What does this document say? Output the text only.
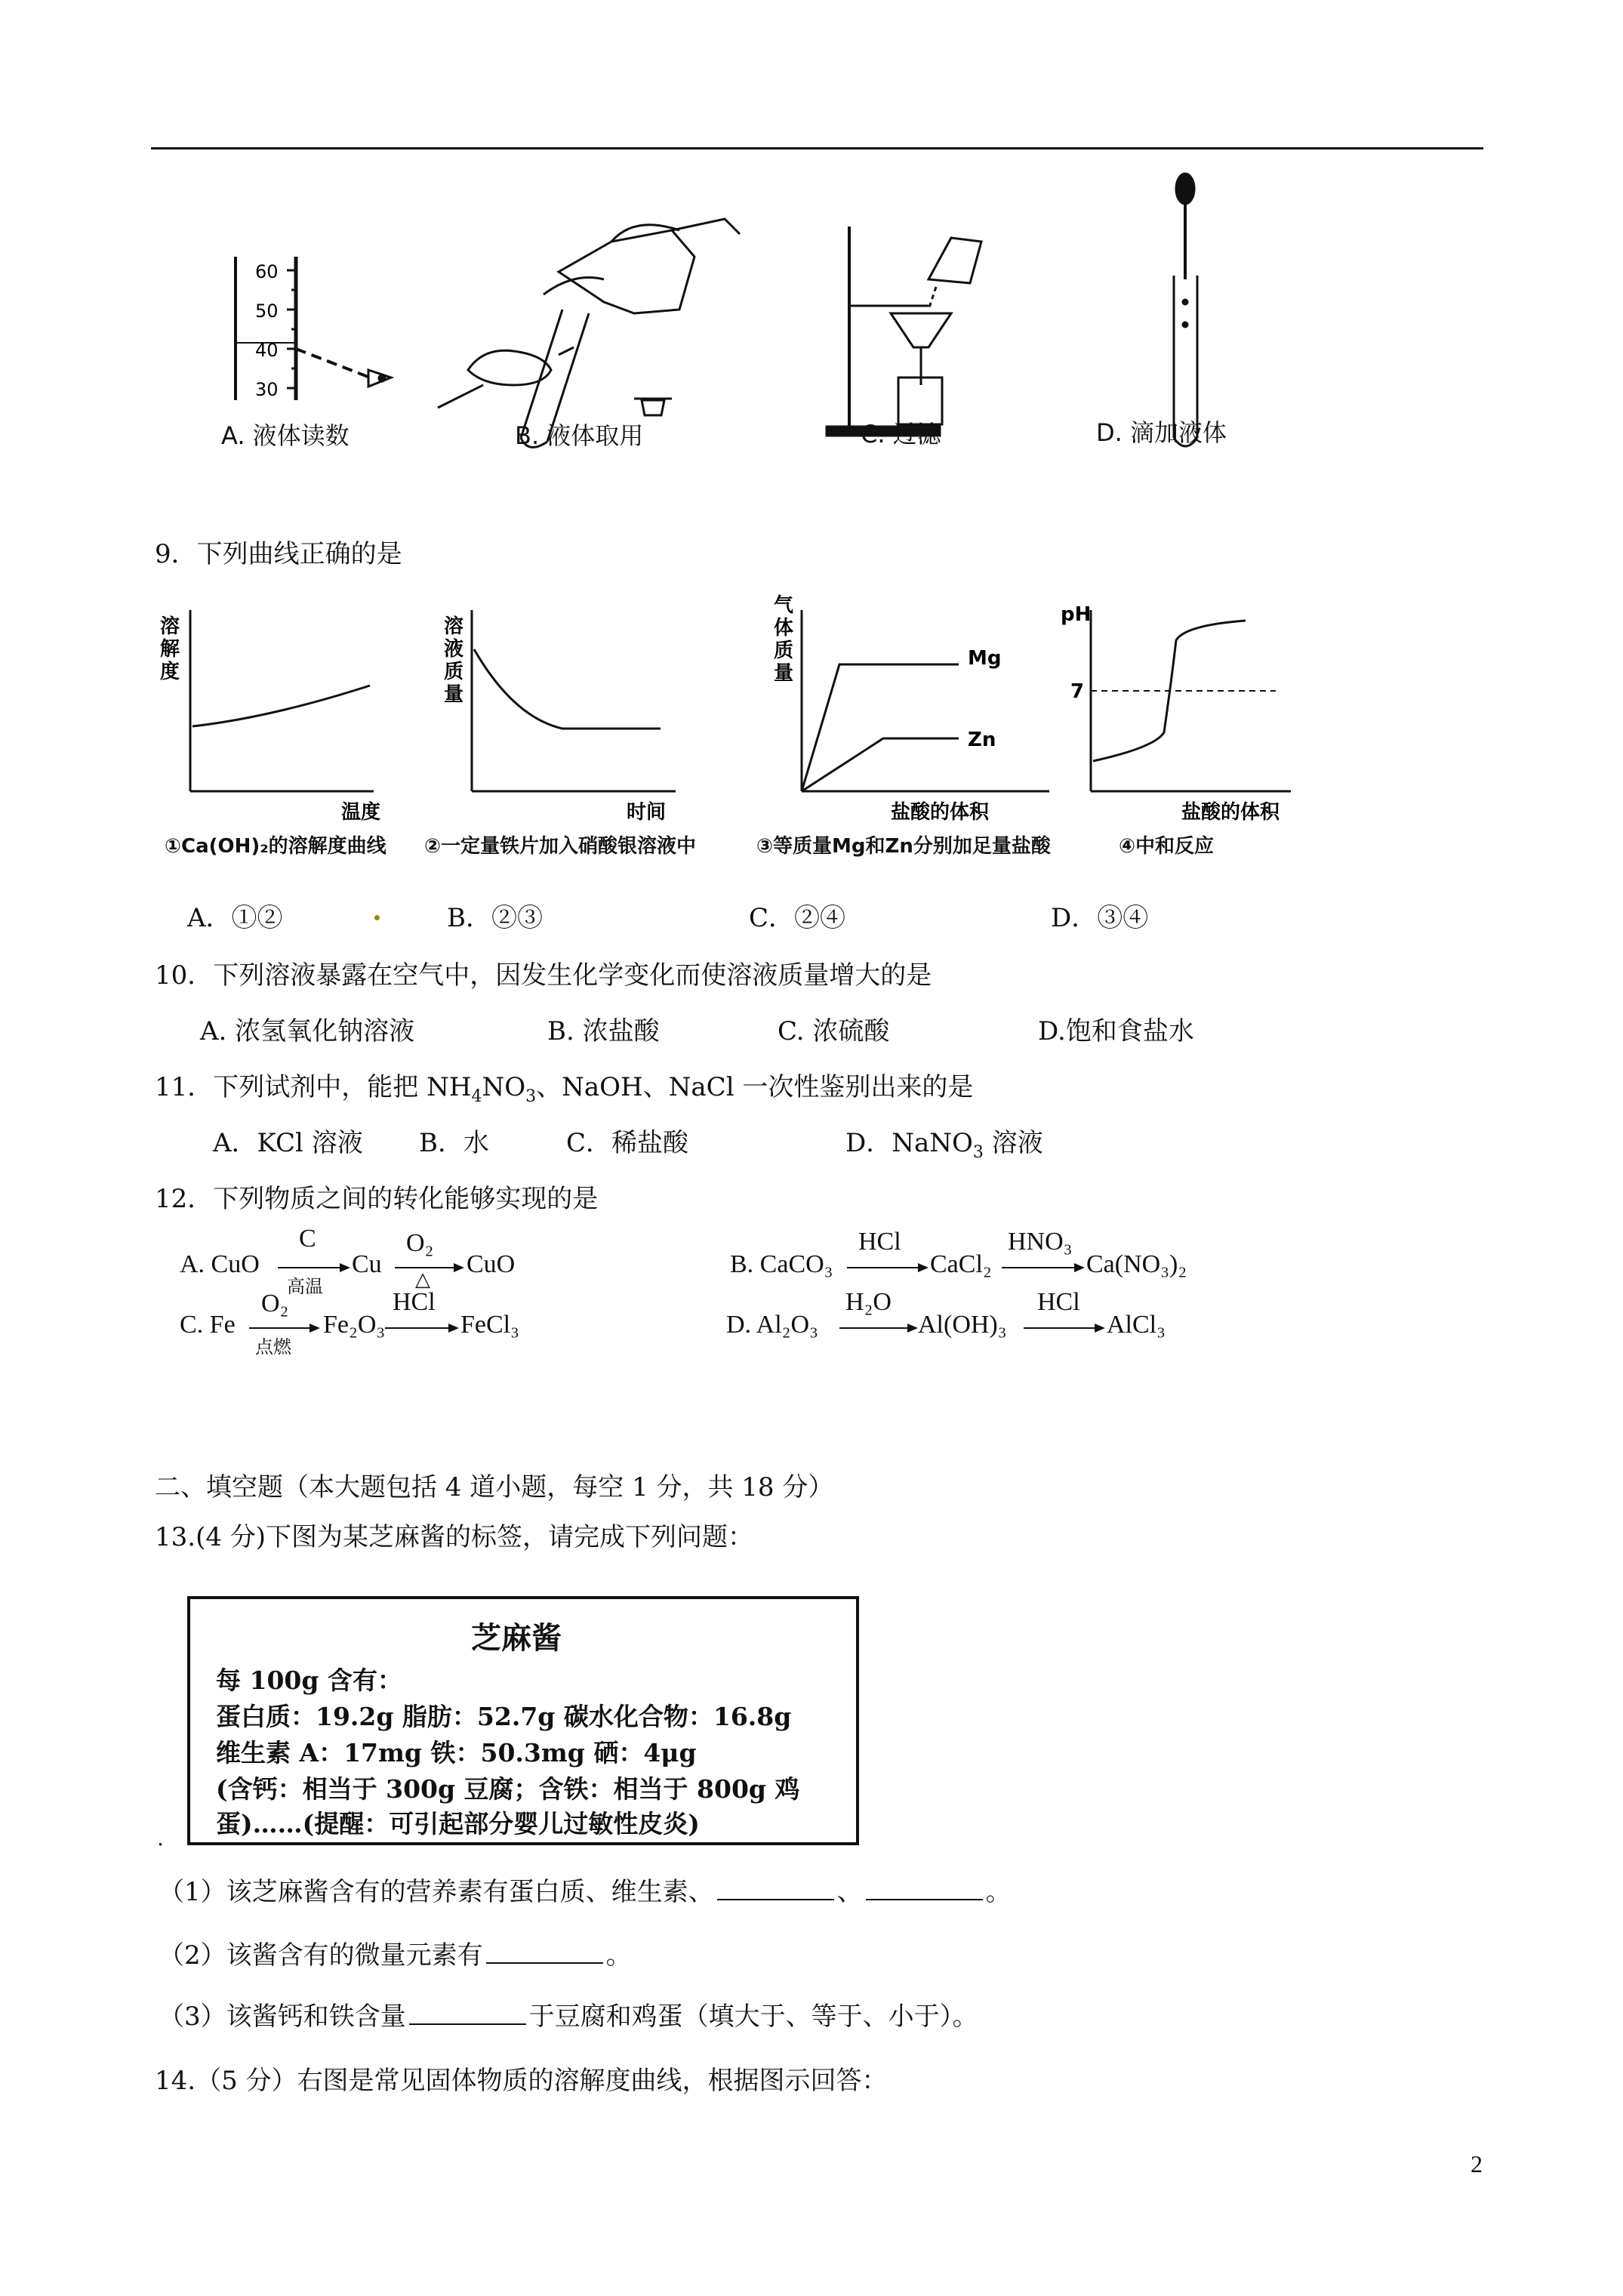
60
50
40
30
A. 液体读数	B. 液体取用	C. 过滤	D. 滴加液体
9．下列曲线正确的是
溶
解
度
温度
溶
液
质
量
时间
气
体
质
量
Mg
Zn
盐酸的体积
pH
7
盐酸的体积
①Ca(OH)₂的溶解度曲线 ②一定量铁片加入硝酸银溶液中	③等质量Mg和Zn分别加足量盐酸	④中和反应
A．①②	B．②③	C．②④	D．③④
10．下列溶液暴露在空气中，因发生化学变化而使溶液质量增大的是
A. 浓氢氧化钠溶液	B. 浓盐酸	C. 浓硫酸	D.饱和食盐水
11．下列试剂中，能把 $NH_4NO_3$、NaOH、NaCl 一次性鉴别出来的是
A．KCl 溶液 B．水	C．稀盐酸	D．NaNO$_3$ 溶液
12．下列物质之间的转化能够实现的是
A. CuO
C
高温
Cu
O₂
△
CuO	B. CaCO₃
HCl
CaCl₂
HNO₃
Ca(NO₃)₂
C. Fe
O₂
点燃
Fe₂O₃
HCl
FeCl₃	D. Al₂O₃
H₂O
Al(OH)₃
HCl
AlCl₃
二、填空题（本大题包括 4 道小题，每空 1 分，共 18 分）
13.(4 分)下图为某芝麻酱的标签，请完成下列问题：
芝麻酱
每 100g 含有：
蛋白质：19.2g 脂肪：52.7g 碳水化合物：16.8g
维生素 A：17mg 铁：50.3mg 硒：4μg
(含钙：相当于 300g 豆腐；含铁：相当于 800g 鸡
蛋)……(提醒：可引起部分婴儿过敏性皮炎)
.
（1）该芝麻酱含有的营养素有蛋白质、维生素、	、	。
（2）该酱含有的微量元素有	。
（3）该酱钙和铁含量	于豆腐和鸡蛋（填大于、等于、小于）。
14.（5 分）右图是常见固体物质的溶解度曲线，根据图示回答：
2
